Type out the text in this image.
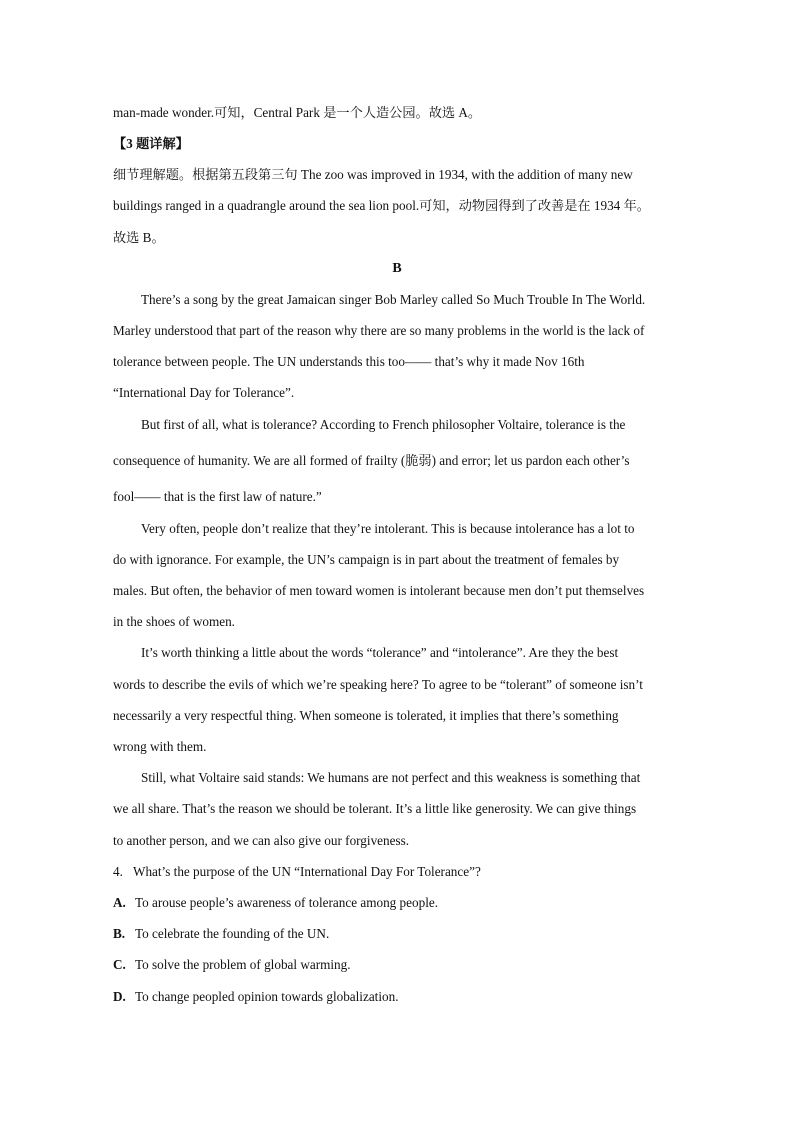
man-made wonder.可知，Central Park 是一个人造公园。故选 A。
【3 题详解】
细节理解题。根据第五段第三句 The zoo was improved in 1934, with the addition of many new
buildings ranged in a quadrangle around the sea lion pool.可知，动物园得到了改善是在 1934 年。
故选 B。
B
There’s a song by the great Jamaican singer Bob Marley called So Much Trouble In The World.
Marley understood that part of the reason why there are so many problems in the world is the lack of
tolerance between people. The UN understands this too—— that’s why it made Nov 16th
“International Day for Tolerance”.
But first of all, what is tolerance? According to French philosopher Voltaire, tolerance is the
consequence of humanity. We are all formed of frailty (脆弱) and error; let us pardon each other’s
fool—— that is the first law of nature.”
Very often, people don’t realize that they’re intolerant. This is because intolerance has a lot to
do with ignorance. For example, the UN’s campaign is in part about the treatment of females by
males. But often, the behavior of men toward women is intolerant because men don’t put themselves
in the shoes of women.
It’s worth thinking a little about the words “tolerance” and “intolerance”. Are they the best
words to describe the evils of which we’re speaking here? To agree to be “tolerant” of someone isn’t
necessarily a very respectful thing. When someone is tolerated, it implies that there’s something
wrong with them.
Still, what Voltaire said stands: We humans are not perfect and this weakness is something that
we all share. That’s the reason we should be tolerant. It’s a little like generosity. We can give things
to another person, and we can also give our forgiveness.
4. What’s the purpose of the UN “International Day For Tolerance”?
A. To arouse people’s awareness of tolerance among people.
B. To celebrate the founding of the UN.
C. To solve the problem of global warming.
D. To change peopled opinion towards globalization.
